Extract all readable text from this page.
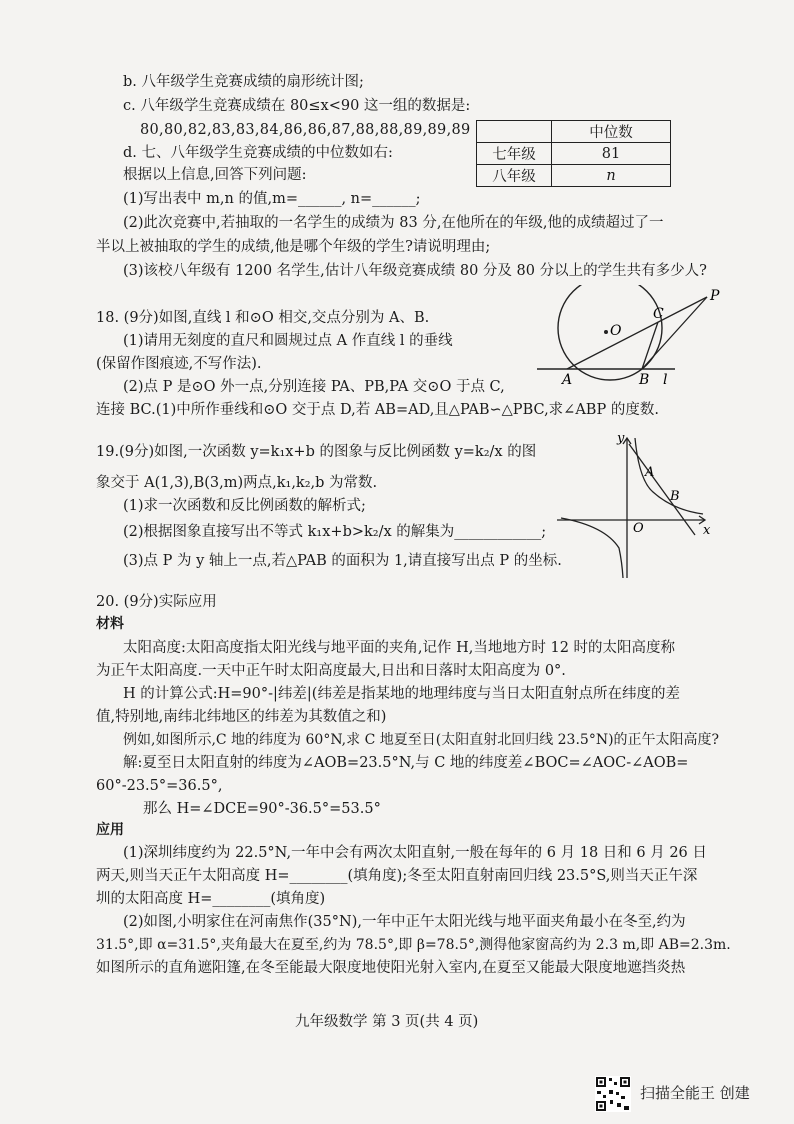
b. 八年级学生竞赛成绩的扇形统计图;
c. 八年级学生竞赛成绩在 80≤x<90 这一组的数据是:
80,80,82,83,83,84,86,86,87,88,88,89,89,89
d. 七、八年级学生竞赛成绩的中位数如右:
根据以上信息,回答下列问题:
(1)写出表中 m,n 的值,m=______, n=______;
(2)此次竞赛中,若抽取的一名学生的成绩为 83 分,在他所在的年级,他的成绩超过了一
半以上被抽取的学生的成绩,他是哪个年级的学生?请说明理由;
(3)该校八年级有 1200 名学生,估计八年级竞赛成绩 80 分及 80 分以上的学生共有多少人?
18. (9分)如图,直线 l 和⊙O 相交,交点分别为 A、B.
(1)请用无刻度的直尺和圆规过点 A 作直线 l 的垂线
(保留作图痕迹,不写作法).
(2)点 P 是⊙O 外一点,分别连接 PA、PB,PA 交⊙O 于点 C,
连接 BC.(1)中所作垂线和⊙O 交于点 D,若 AB=AD,且△PAB∽△PBC,求∠ABP 的度数.
19.(9分)如图,一次函数 y=k₁x+b 的图象与反比例函数 y=k₂/x 的图
象交于 A(1,3),B(3,m)两点,k₁,k₂,b 为常数.
(1)求一次函数和反比例函数的解析式;
(2)根据图象直接写出不等式 k₁x+b>k₂/x 的解集为____________;
(3)点 P 为 y 轴上一点,若△PAB 的面积为 1,请直接写出点 P 的坐标.
20. (9分)实际应用
材料
太阳高度:太阳高度指太阳光线与地平面的夹角,记作 H,当地地方时 12 时的太阳高度称
为正午太阳高度.一天中正午时太阳高度最大,日出和日落时太阳高度为 0°.
H 的计算公式:H=90°-|纬差|(纬差是指某地的地理纬度与当日太阳直射点所在纬度的差
值,特别地,南纬北纬地区的纬差为其数值之和)
例如,如图所示,C 地的纬度为 60°N,求 C 地夏至日(太阳直射北回归线 23.5°N)的正午太阳高度?
解:夏至日太阳直射的纬度为∠AOB=23.5°N,与 C 地的纬度差∠BOC=∠AOC-∠AOB=
60°-23.5°=36.5°,
那么 H=∠DCE=90°-36.5°=53.5°
应用
(1)深圳纬度约为 22.5°N,一年中会有两次太阳直射,一般在每年的 6 月 18 日和 6 月 26 日
两天,则当天正午太阳高度 H=________(填角度);冬至太阳直射南回归线 23.5°S,则当天正午深
圳的太阳高度 H=________(填角度)
(2)如图,小明家住在河南焦作(35°N),一年中正午太阳光线与地平面夹角最小在冬至,约为
31.5°,即 α=31.5°,夹角最大在夏至,约为 78.5°,即 β=78.5°,测得他家窗高约为 2.3 m,即 AB=2.3m.
如图所示的直角遮阳篷,在冬至能最大限度地使阳光射入室内,在夏至又能最大限度地遮挡炎热
	中位数
七年级	81
八年级	n
P
O
C
A	B l
y
A
B
O	x
九年级数学 第 3 页(共 4 页)
扫描全能王 创建
